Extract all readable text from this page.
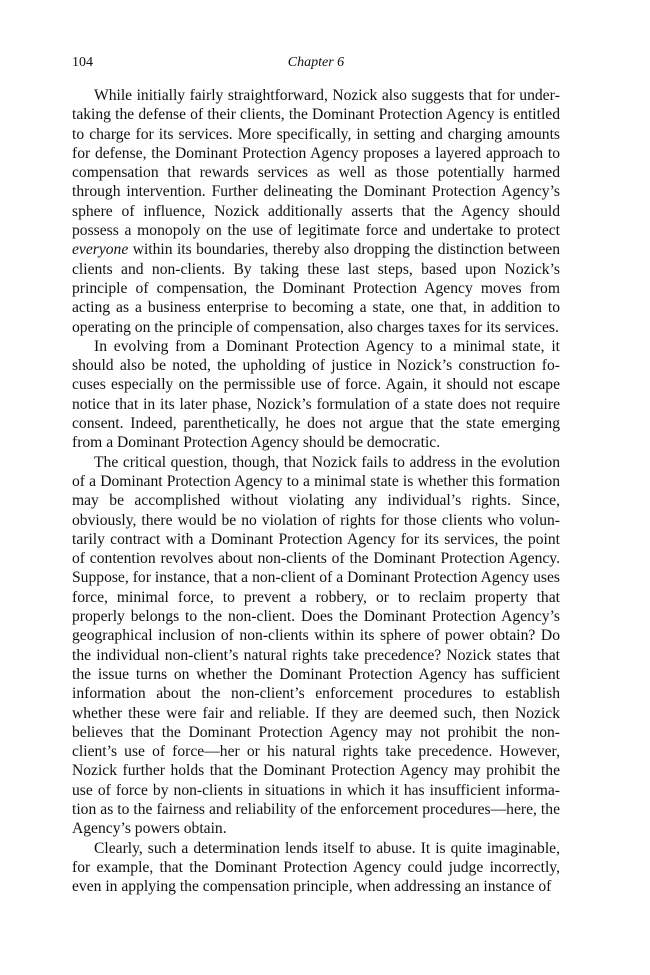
104	Chapter 6

While initially fairly straightforward, Nozick also suggests that for undertaking the defense of their clients, the Dominant Protection Agency is entitled to charge for its services. More specifically, in setting and charging amounts for defense, the Dominant Protection Agency proposes a layered approach to compensation that rewards services as well as those potentially harmed through intervention. Further delineating the Dominant Protection Agency’s sphere of influence, Nozick additionally asserts that the Agency should possess a monopoly on the use of legitimate force and undertake to protect everyone within its boundaries, thereby also dropping the distinction between clients and non-clients. By taking these last steps, based upon Nozick’s principle of compensation, the Dominant Protection Agency moves from acting as a business enterprise to becoming a state, one that, in addition to operating on the principle of compensation, also charges taxes for its services.

In evolving from a Dominant Protection Agency to a minimal state, it should also be noted, the upholding of justice in Nozick’s construction focuses especially on the permissible use of force. Again, it should not escape notice that in its later phase, Nozick’s formulation of a state does not require consent. Indeed, parenthetically, he does not argue that the state emerging from a Dominant Protection Agency should be democratic.

The critical question, though, that Nozick fails to address in the evolution of a Dominant Protection Agency to a minimal state is whether this formation may be accomplished without violating any individual’s rights. Since, obviously, there would be no violation of rights for those clients who voluntarily contract with a Dominant Protection Agency for its services, the point of contention revolves about non-clients of the Dominant Protection Agency. Suppose, for instance, that a non-client of a Dominant Protection Agency uses force, minimal force, to prevent a robbery, or to reclaim property that properly belongs to the non-client. Does the Dominant Protection Agency’s geographical inclusion of non-clients within its sphere of power obtain? Do the individual non-client’s natural rights take precedence? Nozick states that the issue turns on whether the Dominant Protection Agency has sufficient information about the non-client’s enforcement procedures to establish whether these were fair and reliable. If they are deemed such, then Nozick believes that the Dominant Protection Agency may not prohibit the nonclient’s use of force—her or his natural rights take precedence. However, Nozick further holds that the Dominant Protection Agency may prohibit the use of force by non-clients in situations in which it has insufficient information as to the fairness and reliability of the enforcement procedures—here, the Agency’s powers obtain.

Clearly, such a determination lends itself to abuse. It is quite imaginable, for example, that the Dominant Protection Agency could judge incorrectly, even in applying the compensation principle, when addressing an instance of
